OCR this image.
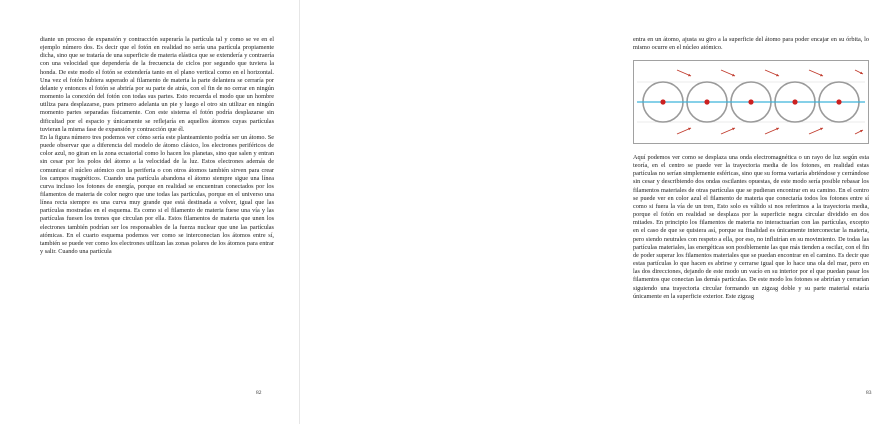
diante un proceso de expansión y contracción superaría la partícula tal y como se ve en el ejemplo número dos. Es decir que el fotón en realidad no sería una partícula propiamente dicha, sino que se trataría de una superficie de materia elástica que se extendería y contraería con una velocidad que dependería de la frecuencia de ciclos por segundo que tuviera la honda. De este modo el fotón se extendería tanto en el plano vertical como en el horizontal. Una vez el fotón hubiera superado al filamento de materia la parte delantera se cerraría por delante y entonces el fotón se abriría por su parte de atrás, con el fin de no cerrar en ningún momento la conexión del fotón con todas sus partes. Esto recuerda el modo que un hombre utiliza para desplazarse, pues primero adelanta un pie y luego el otro sin utilizar en ningún momento partes separadas físicamente. Con este sistema el fotón podría desplazarse sin dificultad por el espacio y únicamente se reflejaría en aquellos átomos cuyas partículas tuvieran la misma fase de expansión y contracción que él.

En la figura número tres podemos ver cómo sería este planteamiento podría ser un átomo. Se puede observar que a diferencia del modelo de átomo clásico, los electrones periféricos de color azul, no giran en la zona ecuatorial como lo hacen los planetas, sino que salen y entran sin cesar por los polos del átomo a la velocidad de la luz. Estos electrones además de comunicar el núcleo atómico con la periferia o con otros átomos también sirven para crear los campos magnéticos. Cuando una partícula abandona el átomo siempre sigue una línea curva incluso los fotones de energía, porque en realidad se encuentran conectados por los filamentos de materia de color negro que une todas las partículas, porque en el universo una línea recta siempre es una curva muy grande que está destinada a volver, igual que las partículas mostradas en el esquema. Es como si el filamento de materia fuese una vía y las partículas fuesen los trenes que circulan por ella. Estos filamentos de materia que unen los electrones también podrían ser los responsables de la fuerza nuclear que une las partículas atómicas. En el cuarto esquema podemos ver como se interconectan los átomos entre sí, también se puede ver como los electrones utilizan las zonas polares de los átomos para entrar y salir. Cuando una partícula

82
entra en un átomo, ajusta su giro a la superficie del átomo para poder encajar en su órbita, lo mismo ocurre en el núcleo atómico.

Aquí podemos ver como se desplaza una onda electromagnética o un rayo de luz según esta teoría, en el centro se puede ver la trayectoria media de los fotones, en realidad estas partículas no serían simplemente esféricas, sino que su forma variaría abriéndose y cerrándose sin cesar y describiendo dos ondas oscilantes opuestas, de este modo sería posible rebasar los filamentos materiales de otras partículas que se pudieran encontrar en su camino. En el centro se puede ver en color azul el filamento de materia que conectaría todos los fotones entre sí como si fuera la vía de un tren, Esto solo es válido si nos referimos a la trayectoria media, porque el fotón en realidad se desplaza por la superficie negra circular dividido en dos mitades. En principio los filamentos de materia no interactuarían con las partículas, excepto en el caso de que se quisiera así, porque su finalidad es únicamente interconectar la materia, pero siendo neutrales con respeto a ella, por eso, no influirían en su movimiento. De todas las partículas materiales, las energéticas son posiblemente las que más tienden a oscilar, con el fin de poder superar los filamentos materiales que se puedan encontrar en el camino. Es decir que estas partículas lo que hacen es abrirse y cerrarse igual que lo hace una ola del mar, pero en las dos direcciones, dejando de este modo un vacío en su interior por el que puedan pasar los filamentos que conectan las demás partículas. De este modo los fotones se abrirían y cerrarían siguiendo una trayectoria circular formando un zigzag doble y su parte material estaría únicamente en la superficie exterior. Este zigzag

83
